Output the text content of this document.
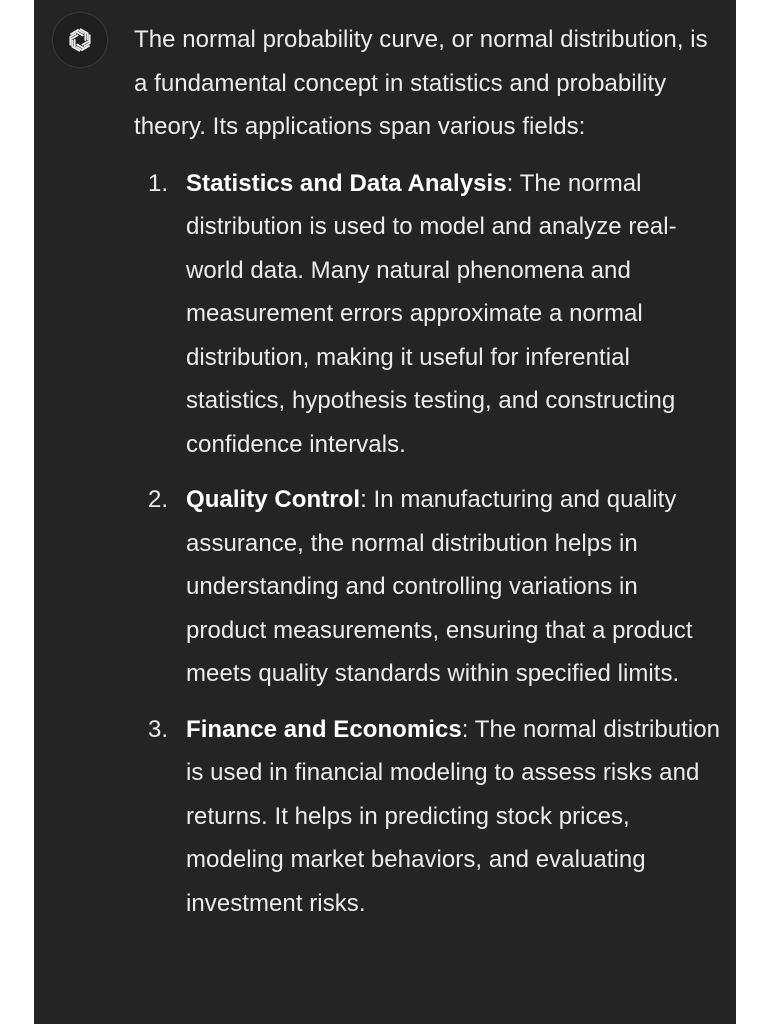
The normal probability curve, or normal distribution, is a fundamental concept in statistics and probability theory. Its applications span various fields:

1. Statistics and Data Analysis: The normal distribution is used to model and analyze real-world data. Many natural phenomena and measurement errors approximate a normal distribution, making it useful for inferential statistics, hypothesis testing, and constructing confidence intervals.
2. Quality Control: In manufacturing and quality assurance, the normal distribution helps in understanding and controlling variations in product measurements, ensuring that a product meets quality standards within specified limits.
3. Finance and Economics: The normal distribution is used in financial modeling to assess risks and returns. It helps in predicting stock prices, modeling market behaviors, and evaluating investment risks.
